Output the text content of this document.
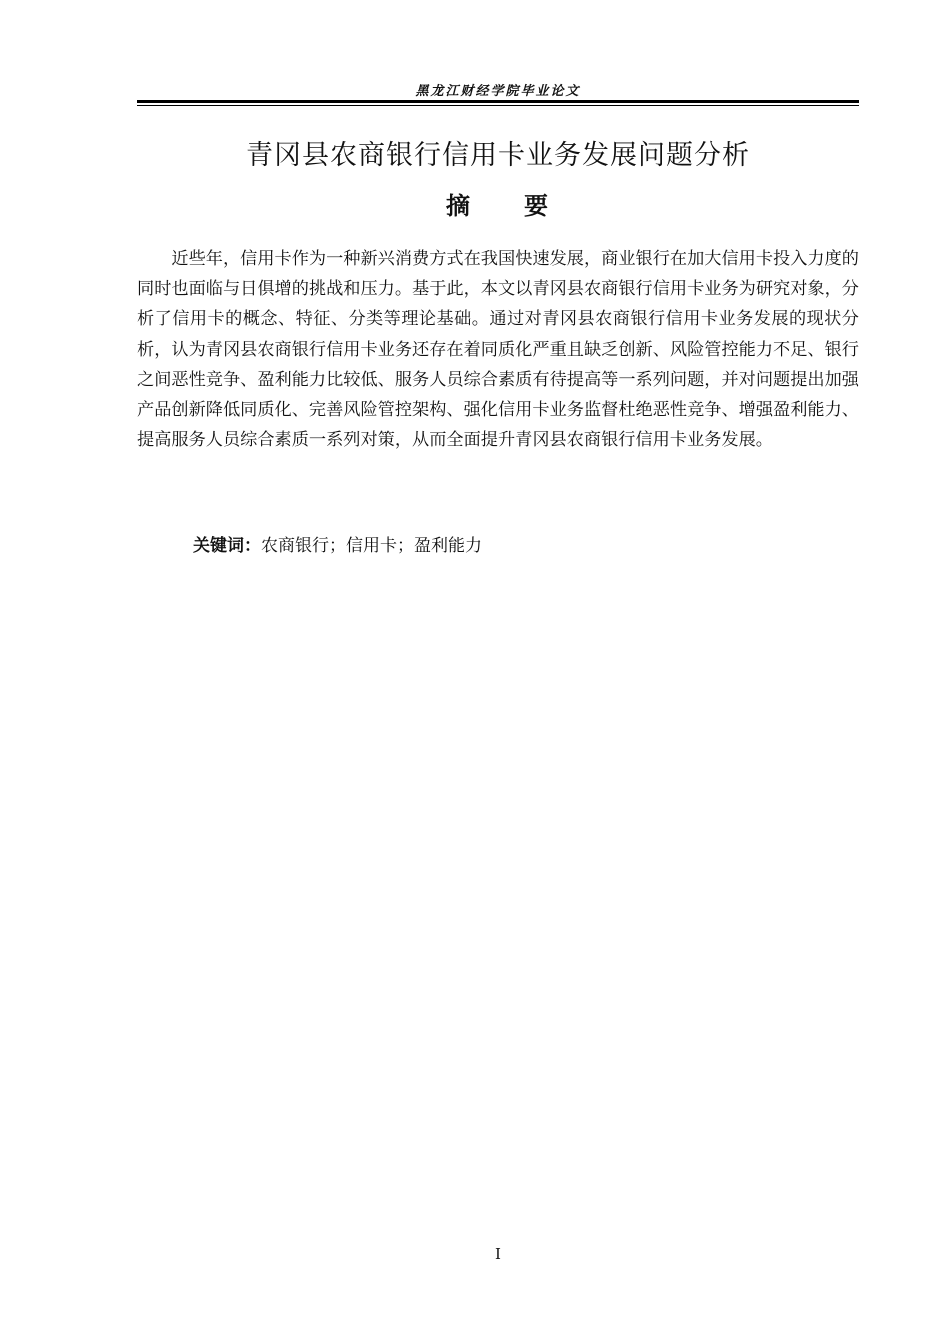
黑龙江财经学院毕业论文
青冈县农商银行信用卡业务发展问题分析
摘 要

近些年，信用卡作为一种新兴消费方式在我国快速发展，商业银行在加大信用卡投入力度的同时也面临与日俱增的挑战和压力。基于此，本文以青冈县农商银行信用卡业务为研究对象，分析了信用卡的概念、特征、分类等理论基础。通过对青冈县农商银行信用卡业务发展的现状分析，认为青冈县农商银行信用卡业务还存在着同质化严重且缺乏创新、风险管控能力不足、银行之间恶性竞争、盈利能力比较低、服务人员综合素质有待提高等一系列问题，并对问题提出加强产品创新降低同质化、完善风险管控架构、强化信用卡业务监督杜绝恶性竞争、增强盈利能力、提高服务人员综合素质一系列对策，从而全面提升青冈县农商银行信用卡业务发展。

关键词：农商银行；信用卡；盈利能力
I
